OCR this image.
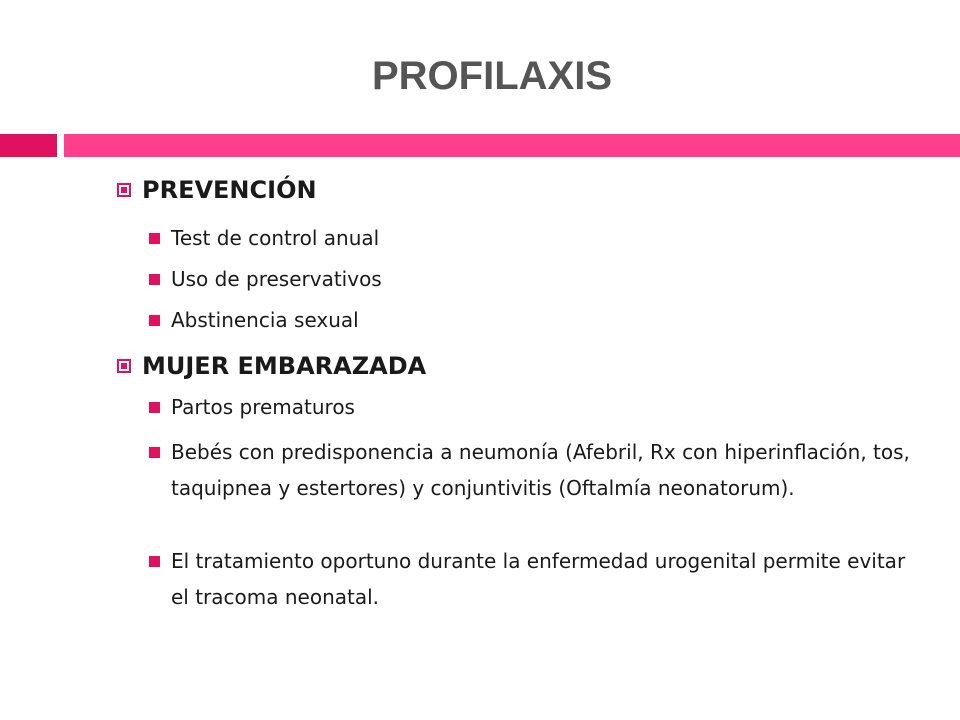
PROFILAXIS
PREVENCIÓN
Test de control anual
Uso de preservativos
Abstinencia sexual
MUJER EMBARAZADA
Partos prematuros
Bebés con predisponencia a neumonía (Afebril, Rx con hiperinflación, tos, taquipnea y estertores) y conjuntivitis (Oftalmía neonatorum).
El tratamiento oportuno durante la enfermedad urogenital permite evitar el tracoma neonatal.
